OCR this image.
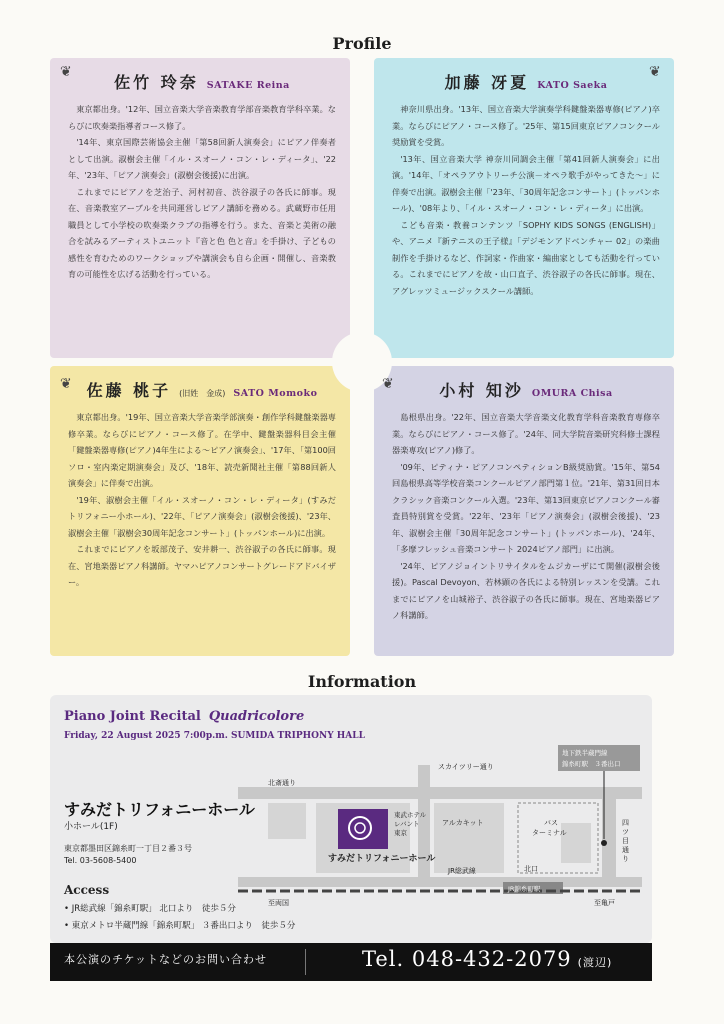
Profile
佐竹 玲奈 SATAKE Reina

東京都出身。'12年、国立音楽大学音楽教育学部音楽教育学科卒業。ならびに吹奏楽指導者コース修了。

'14年、東京国際芸術協会主催「第58回新人演奏会」にピアノ伴奏者として出演。淑樹会主催「イル・スオーノ・コン・レ・ディータ」、'22年、'23年、「ピアノ演奏会」(淑樹会後援)に出演。

これまでにピアノを芝治子、河村初音、渋谷淑子の各氏に師事。現在、音楽教室アーブルを共同運営しピアノ講師を務める。武蔵野市任用職員として小学校の吹奏楽クラブの指導を行う。また、音楽と美術の融合を試みるアーティストユニット『音と色 色と音』を手掛け、子どもの感性を育むためのワークショップや講演会も自ら企画・開催し、音楽教育の可能性を広げる活動を行っている。

加藤 冴夏 KATO Saeka

神奈川県出身。'13年、国立音楽大学演奏学科鍵盤楽器専修(ピアノ)卒業。ならびにピアノ・コース修了。'25年、第15回東京ピアノコンクール奨励賞を受賞。

'13年、国立音楽大学 神奈川同調会主催「第41回新人演奏会」に出演。'14年、「オペラアウトリーチ公演－オペラ歌手がやってきた～」に伴奏で出演。淑樹会主催「'23年、「30周年記念コンサート」(トッパンホール)、'08年より、「イル・スオーノ・コン・レ・ディータ」に出演。

こども音楽・教養コンテンツ「SOPHY KIDS SONGS (ENGLISH)」や、アニメ『新テニスの王子様』「デジモンアドベンチャー 02」の楽曲制作を手掛けるなど、作詞家・作曲家・編曲家としても活動を行っている。これまでにピアノを故・山口直子、渋谷淑子の各氏に師事。現在、アグレッツミュージックスクール講師。

佐藤 桃子 (旧姓　金成) SATO Momoko

東京都出身。'19年、国立音楽大学音楽学部演奏・創作学科鍵盤楽器専修卒業。ならびにピアノ・コース修了。在学中、鍵盤楽器科目会主催「鍵盤楽器専修(ピアノ)4年生による～ピアノ演奏会」、'17年、「第100回ソロ・室内楽定期演奏会」及び、'18年、読売新聞社主催「第88回新人演奏会」に伴奏で出演。

'19年、淑樹会主催「イル・スオーノ・コン・レ・ディータ」(すみだトリフォニー小ホール)、'22年、「ピアノ演奏会」(淑樹会後援)、'23年、淑樹会主催「淑樹会30周年記念コンサート」(トッパンホール)に出演。

これまでにピアノを坂部茂子、安井耕一、渋谷淑子の各氏に師事。現在、宮地楽器ピアノ科講師。ヤマハピアノコンサートグレードアドバイザー。

小村 知沙 OMURA Chisa

島根県出身。'22年、国立音楽大学音楽文化教育学科音楽教育専修卒業。ならびにピアノ・コース修了。'24年、同大学院音楽研究科修士課程器楽専攻(ピアノ)修了。

'09年、ピティナ・ピアノコンペティションB級奨励賞。'15年、第54回島根県高等学校音楽コンクールピアノ部門第１位。'21年、第31回日本クラシック音楽コンクール入選。'23年、第13回東京ピアノコンクール審査員特別賞を受賞。'22年、'23年「ピアノ演奏会」(淑樹会後援)、'23年、淑樹会主催「30周年記念コンサート」(トッパンホール)、'24年、「多摩フレッシュ音楽コンサート 2024ピアノ部門」に出演。

'24年、ピアノジョイントリサイタルをムジカーザにて開催(淑樹会後援)。Pascal Devoyon、若林顕の各氏による特別レッスンを受講。これまでにピアノを山城裕子、渋谷淑子の各氏に師事。現在、宮地楽器ピアノ科講師。

❦	❦
❦	❦
Information
Piano Joint Recital Quadricolore
Friday, 22 August 2025 7:00p.m. SUMIDA TRIPHONY HALL
すみだトリフォニーホール
小ホール(1F)
東京都墨田区錦糸町一丁目２番３号
Tel. 03-5608-5400
Access
• JR総武線「錦糸町駅」 北口より　徒歩５分
• 東京メトロ半蔵門線「錦糸町駅」 ３番出口より　徒歩５分
北斎通り
スカイツリー通り
地下鉄半蔵門線
錦糸町駅　３番出口
東武ホテル
レバント
東京
すみだトリフォニーホール
アルカキット	バス
ターミナル
四
ツ
目
通
り
北口
JR総武線
JR錦糸町駅
至両国	至亀戸
本公演のチケットなどのお問い合わせ	Tel. 048-432-2079 (渡辺)
